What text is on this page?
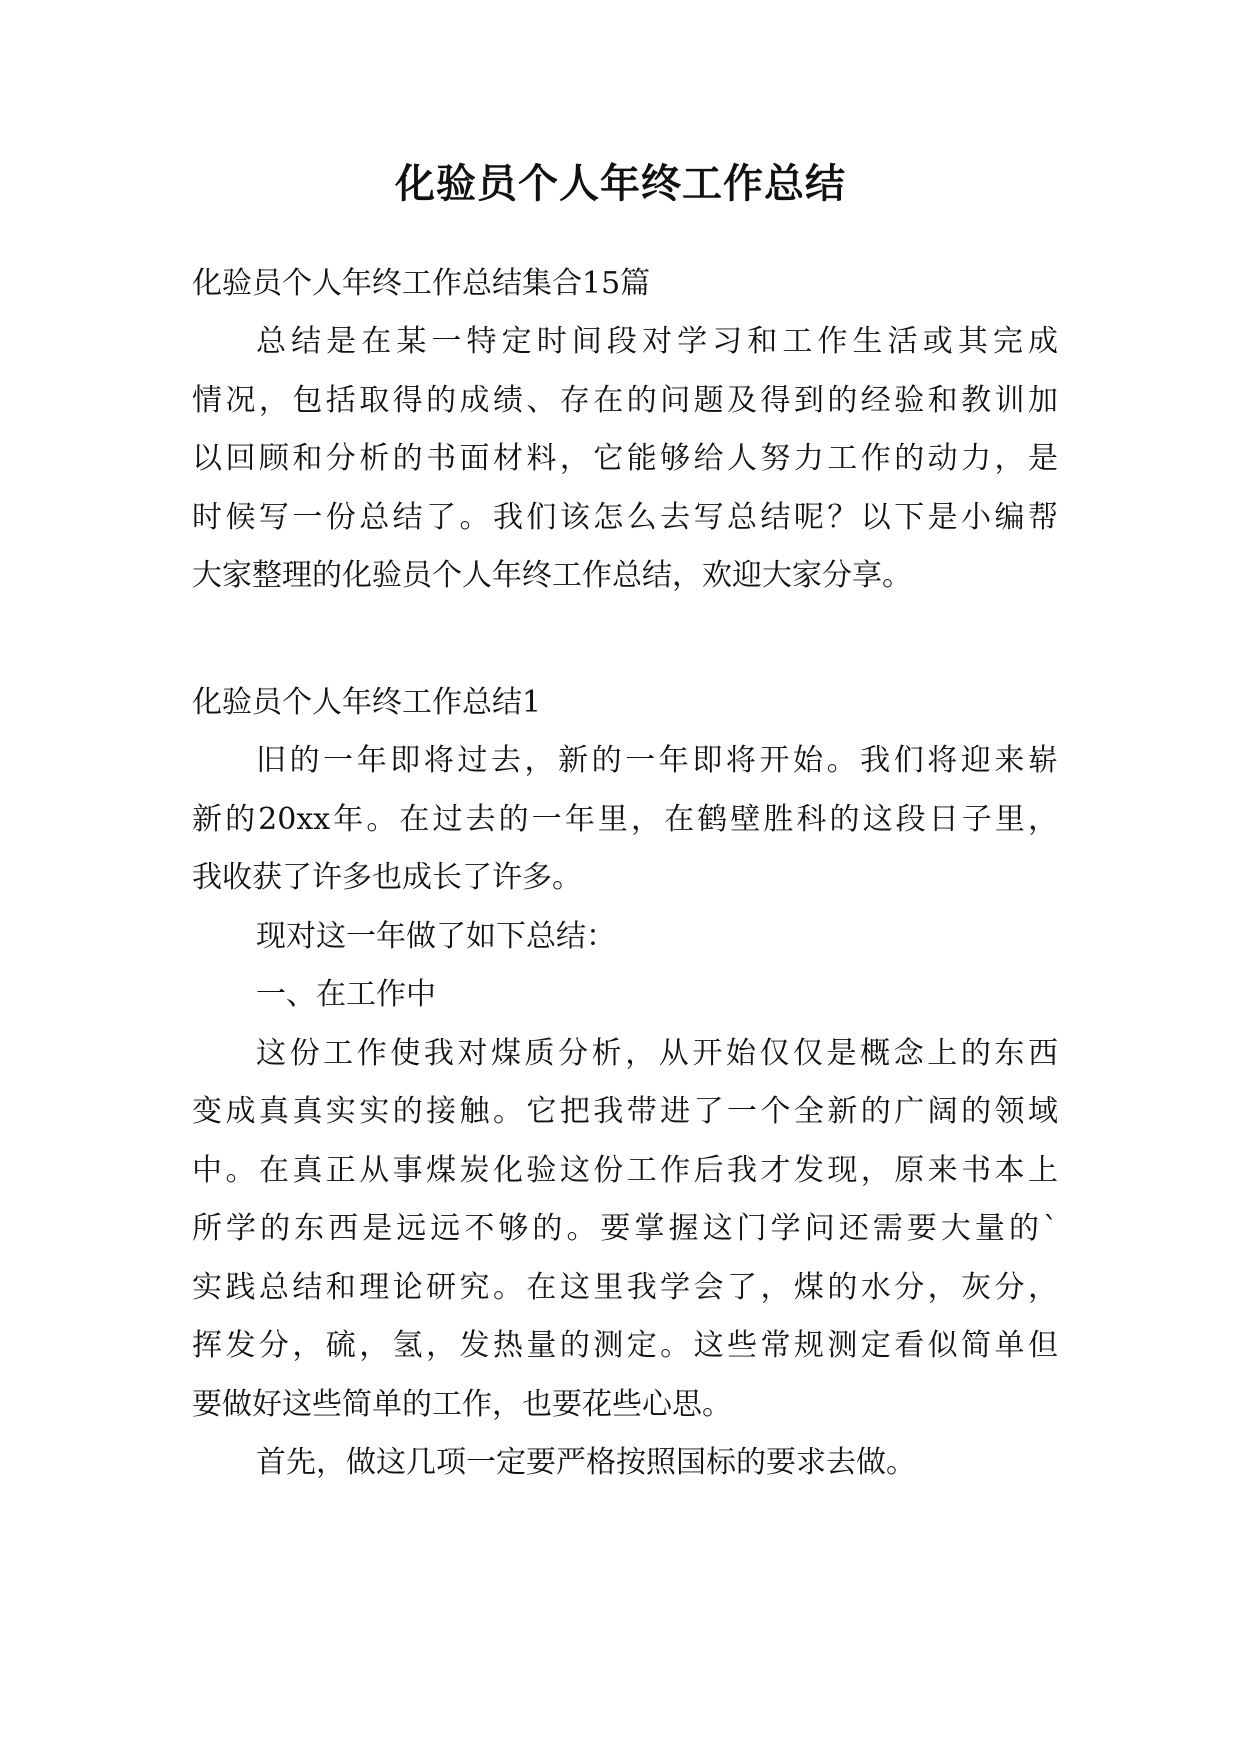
化验员个人年终工作总结

化验员个人年终工作总结集合15篇

总结是在某一特定时间段对学习和工作生活或其完成

情况，包括取得的成绩、存在的问题及得到的经验和教训加

以回顾和分析的书面材料，它能够给人努力工作的动力，是

时候写一份总结了。我们该怎么去写总结呢？以下是小编帮

大家整理的化验员个人年终工作总结，欢迎大家分享。

化验员个人年终工作总结1

旧的一年即将过去，新的一年即将开始。我们将迎来崭

新的20xx年。在过去的一年里，在鹤壁胜科的这段日子里，

我收获了许多也成长了许多。

现对这一年做了如下总结：

一、在工作中

这份工作使我对煤质分析，从开始仅仅是概念上的东西

变成真真实实的接触。它把我带进了一个全新的广阔的领域

中。在真正从事煤炭化验这份工作后我才发现，原来书本上

所学的东西是远远不够的。要掌握这门学问还需要大量的`

实践总结和理论研究。在这里我学会了，煤的水分，灰分，

挥发分，硫，氢，发热量的测定。这些常规测定看似简单但

要做好这些简单的工作，也要花些心思。

首先，做这几项一定要严格按照国标的要求去做。
